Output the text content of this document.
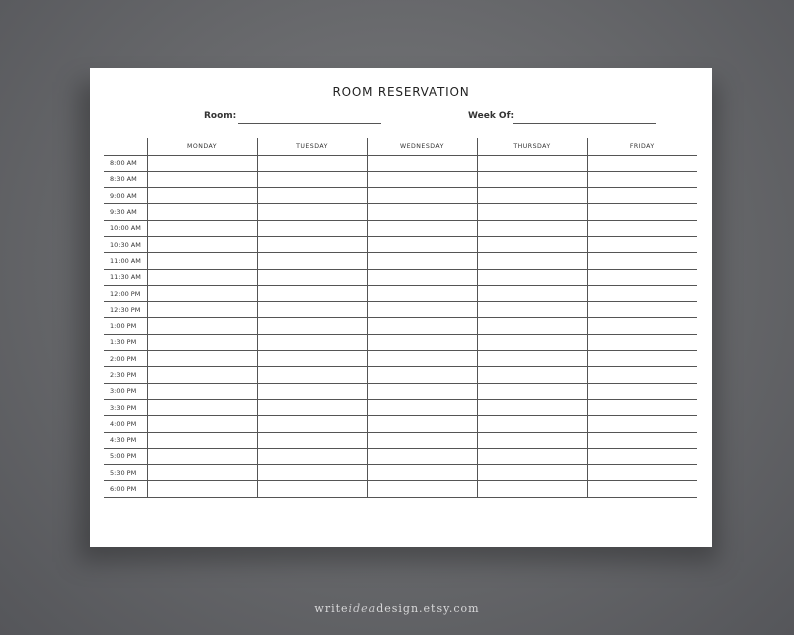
ROOM RESERVATION
Room:	Week Of:
	MONDAY	TUESDAY	WEDNESDAY	THURSDAY	FRIDAY
8:00 AM					
8:30 AM					
9:00 AM					
9:30 AM					
10:00 AM					
10:30 AM					
11:00 AM					
11:30 AM					
12:00 PM					
12:30 PM					
1:00 PM					
1:30 PM					
2:00 PM					
2:30 PM					
3:00 PM					
3:30 PM					
4:00 PM					
4:30 PM					
5:00 PM					
5:30 PM					
6:00 PM					
writeideadesign.etsy.com
